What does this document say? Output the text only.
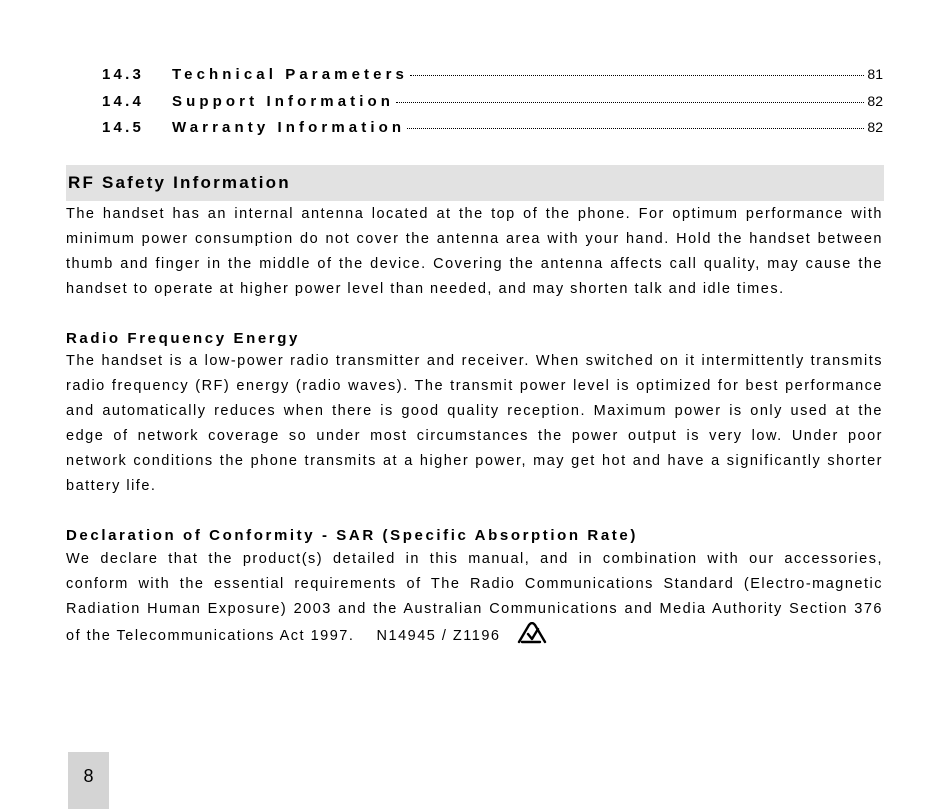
14.3	Technical Parameters	81
14.4	Support Information	82
14.5	Warranty Information	82
RF Safety Information

The handset has an internal antenna located at the top of the phone. For optimum performance with minimum power consumption do not cover the antenna area with your hand. Hold the handset between thumb and finger in the middle of the device. Covering the antenna affects call quality, may cause the handset to operate at higher power level than needed, and may shorten talk and idle times.

Radio Frequency Energy

The handset is a low-power radio transmitter and receiver. When switched on it intermittently transmits radio frequency (RF) energy (radio waves). The transmit power level is optimized for best performance and automatically reduces when there is good quality reception. Maximum power is only used at the edge of network coverage so under most circumstances the power output is very low. Under poor network conditions the phone transmits at a higher power, may get hot and have a significantly shorter battery life.

Declaration of Conformity - SAR (Specific Absorption Rate)

We declare that the product(s) detailed in this manual, and in combination with our accessories, conform with the essential requirements of The Radio Communications Standard (Electro-magnetic Radiation Human Exposure) 2003 and the Australian Communications and Media Authority Section 376 of the Telecommunications Act 1997. N14945 / Z1196

8
